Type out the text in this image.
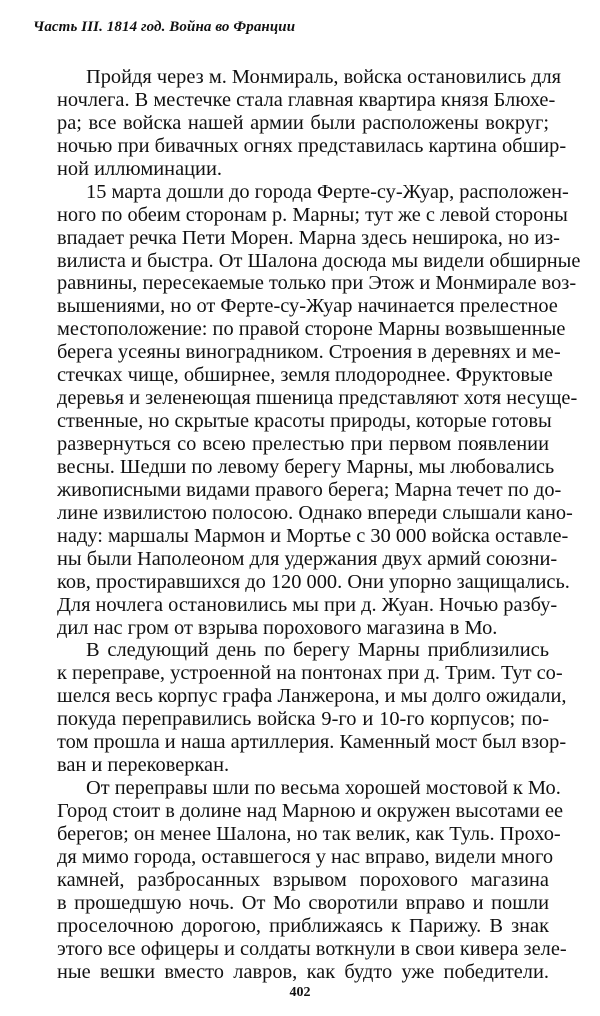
Часть III. 1814 год. Война во Франции
Пройдя через м. Монмираль, войска остановились для
ночлега. В местечке стала главная квартира князя Блюхе-
ра; все войска нашей армии были расположены вокруг;
ночью при бивачных огнях представилась картина обшир-
ной иллюминации.
15 марта дошли до города Ферте-су-Жуар, расположен-
ного по обеим сторонам р. Марны; тут же с левой стороны
впадает речка Пети Морен. Марна здесь неширока, но из-
вилиста и быстра. От Шалона досюда мы видели обширные
равнины, пересекаемые только при Этож и Монмирале воз-
вышениями, но от Ферте-су-Жуар начинается прелестное
местоположение: по правой стороне Марны возвышенные
берега усеяны виноградником. Строения в деревнях и ме-
стечках чище, обширнее, земля плодороднее. Фруктовые
деревья и зеленеющая пшеница представляют хотя несуще-
ственные, но скрытые красоты природы, которые готовы
развернуться со всею прелестью при первом появлении
весны. Шедши по левому берегу Марны, мы любовались
живописными видами правого берега; Марна течет по до-
лине извилистою полосою. Однако впереди слышали кано-
наду: маршалы Мармон и Мортье с 30 000 войска оставле-
ны были Наполеоном для удержания двух армий союзни-
ков, простиравшихся до 120 000. Они упорно защищались.
Для ночлега остановились мы при д. Жуан. Ночью разбу-
дил нас гром от взрыва порохового магазина в Мо.
В следующий день по берегу Марны приблизились
к переправе, устроенной на понтонах при д. Трим. Тут со-
шелся весь корпус графа Ланжерона, и мы долго ожидали,
покуда переправились войска 9-го и 10-го корпусов; по-
том прошла и наша артиллерия. Каменный мост был взор-
ван и перековеркан.
От переправы шли по весьма хорошей мостовой к Мо.
Город стоит в долине над Марною и окружен высотами ее
берегов; он менее Шалона, но так велик, как Туль. Прохо-
дя мимо города, оставшегося у нас вправо, видели много
камней, разбросанных взрывом порохового магазина
в прошедшую ночь. От Мо своротили вправо и пошли
проселочною дорогою, приближаясь к Парижу. В знак
этого все офицеры и солдаты воткнули в свои кивера зеле-
ные вешки вместо лавров, как будто уже победители.
402
